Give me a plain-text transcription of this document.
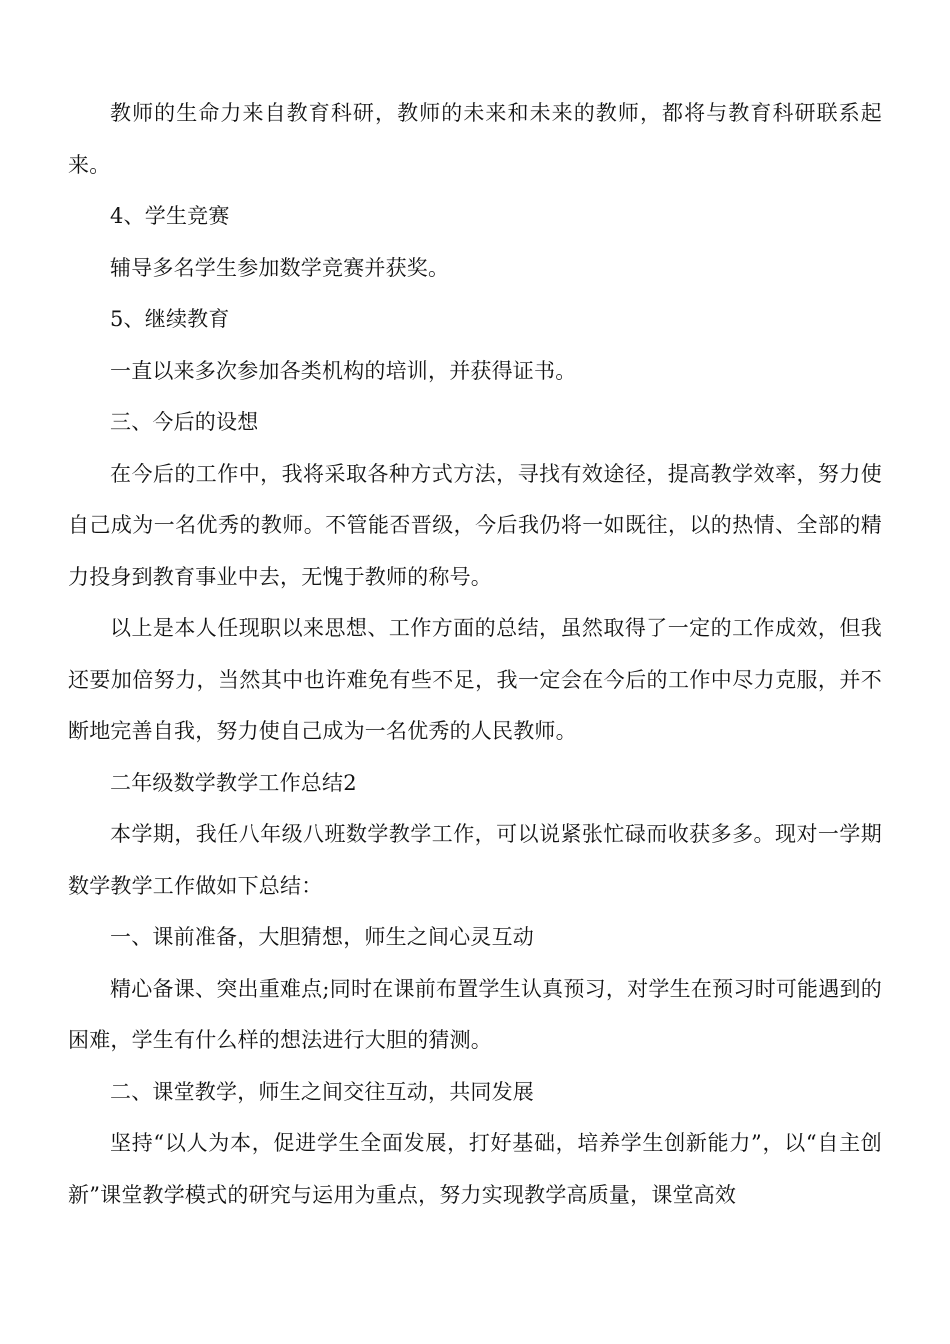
教师的生命力来自教育科研，教师的未来和未来的教师，都将与教育科研联系起来。

4、学生竞赛

辅导多名学生参加数学竞赛并获奖。

5、继续教育

一直以来多次参加各类机构的培训，并获得证书。

三、今后的设想

在今后的工作中，我将采取各种方式方法，寻找有效途径，提高教学效率，努力使自己成为一名优秀的教师。不管能否晋级，今后我仍将一如既往，以的热情、全部的精力投身到教育事业中去，无愧于教师的称号。

以上是本人任现职以来思想、工作方面的总结，虽然取得了一定的工作成效，但我还要加倍努力，当然其中也许难免有些不足，我一定会在今后的工作中尽力克服，并不断地完善自我，努力使自己成为一名优秀的人民教师。

二年级数学教学工作总结2

本学期，我任八年级八班数学教学工作，可以说紧张忙碌而收获多多。现对一学期数学教学工作做如下总结：

一、课前准备，大胆猜想，师生之间心灵互动

精心备课、突出重难点;同时在课前布置学生认真预习，对学生在预习时可能遇到的困难，学生有什么样的想法进行大胆的猜测。

二、课堂教学，师生之间交往互动，共同发展

坚持“以人为本，促进学生全面发展，打好基础，培养学生创新能力”，以“自主创新”课堂教学模式的研究与运用为重点，努力实现教学高质量，课堂高效
